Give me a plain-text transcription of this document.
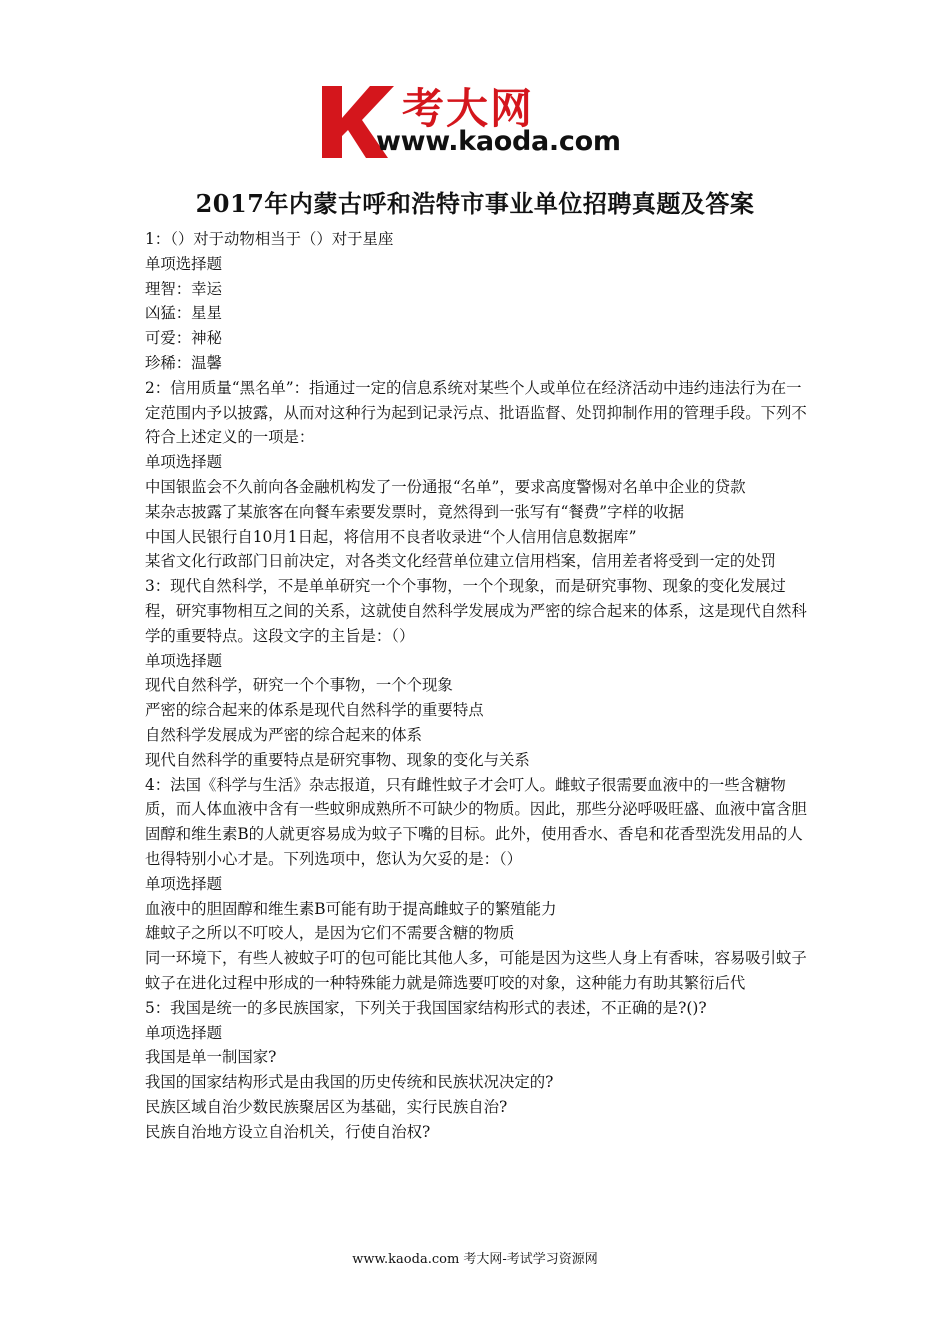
考大网
www.kaoda.com
2017年内蒙古呼和浩特市事业单位招聘真题及答案

1：（）对于动物相当于（）对于星座

单项选择题

理智：幸运

凶猛：星星

可爱：神秘

珍稀：温馨

2：信用质量“黑名单”：指通过一定的信息系统对某些个人或单位在经济活动中违约违法行为在一定范围内予以披露，从而对这种行为起到记录污点、批语监督、处罚抑制作用的管理手段。下列不符合上述定义的一项是：

单项选择题

中国银监会不久前向各金融机构发了一份通报“名单”，要求高度警惕对名单中企业的贷款

某杂志披露了某旅客在向餐车索要发票时，竟然得到一张写有“餐费”字样的收据

中国人民银行自10月1日起，将信用不良者收录进“个人信用信息数据库”

某省文化行政部门日前决定，对各类文化经营单位建立信用档案，信用差者将受到一定的处罚

3：现代自然科学，不是单单研究一个个事物，一个个现象，而是研究事物、现象的变化发展过程，研究事物相互之间的关系，这就使自然科学发展成为严密的综合起来的体系，这是现代自然科学的重要特点。这段文字的主旨是：（）

单项选择题

现代自然科学，研究一个个事物，一个个现象

严密的综合起来的体系是现代自然科学的重要特点

自然科学发展成为严密的综合起来的体系

现代自然科学的重要特点是研究事物、现象的变化与关系

4：法国《科学与生活》杂志报道，只有雌性蚊子才会叮人。雌蚊子很需要血液中的一些含糖物质，而人体血液中含有一些蚊卵成熟所不可缺少的物质。因此，那些分泌呼吸旺盛、血液中富含胆固醇和维生素B的人就更容易成为蚊子下嘴的目标。此外，使用香水、香皂和花香型洗发用品的人也得特别小心才是。下列选项中，您认为欠妥的是：（）

单项选择题

血液中的胆固醇和维生素B可能有助于提高雌蚊子的繁殖能力

雄蚊子之所以不叮咬人，是因为它们不需要含糖的物质

同一环境下，有些人被蚊子叮的包可能比其他人多，可能是因为这些人身上有香味，容易吸引蚊子

蚊子在进化过程中形成的一种特殊能力就是筛选要叮咬的对象，这种能力有助其繁衍后代

5：我国是统一的多民族国家，下列关于我国国家结构形式的表述，不正确的是?()?

单项选择题

我国是单一制国家?

我国的国家结构形式是由我国的历史传统和民族状况决定的?

民族区域自治少数民族聚居区为基础，实行民族自治?

民族自治地方设立自治机关，行使自治权?

www.kaoda.com 考大网-考试学习资源网
